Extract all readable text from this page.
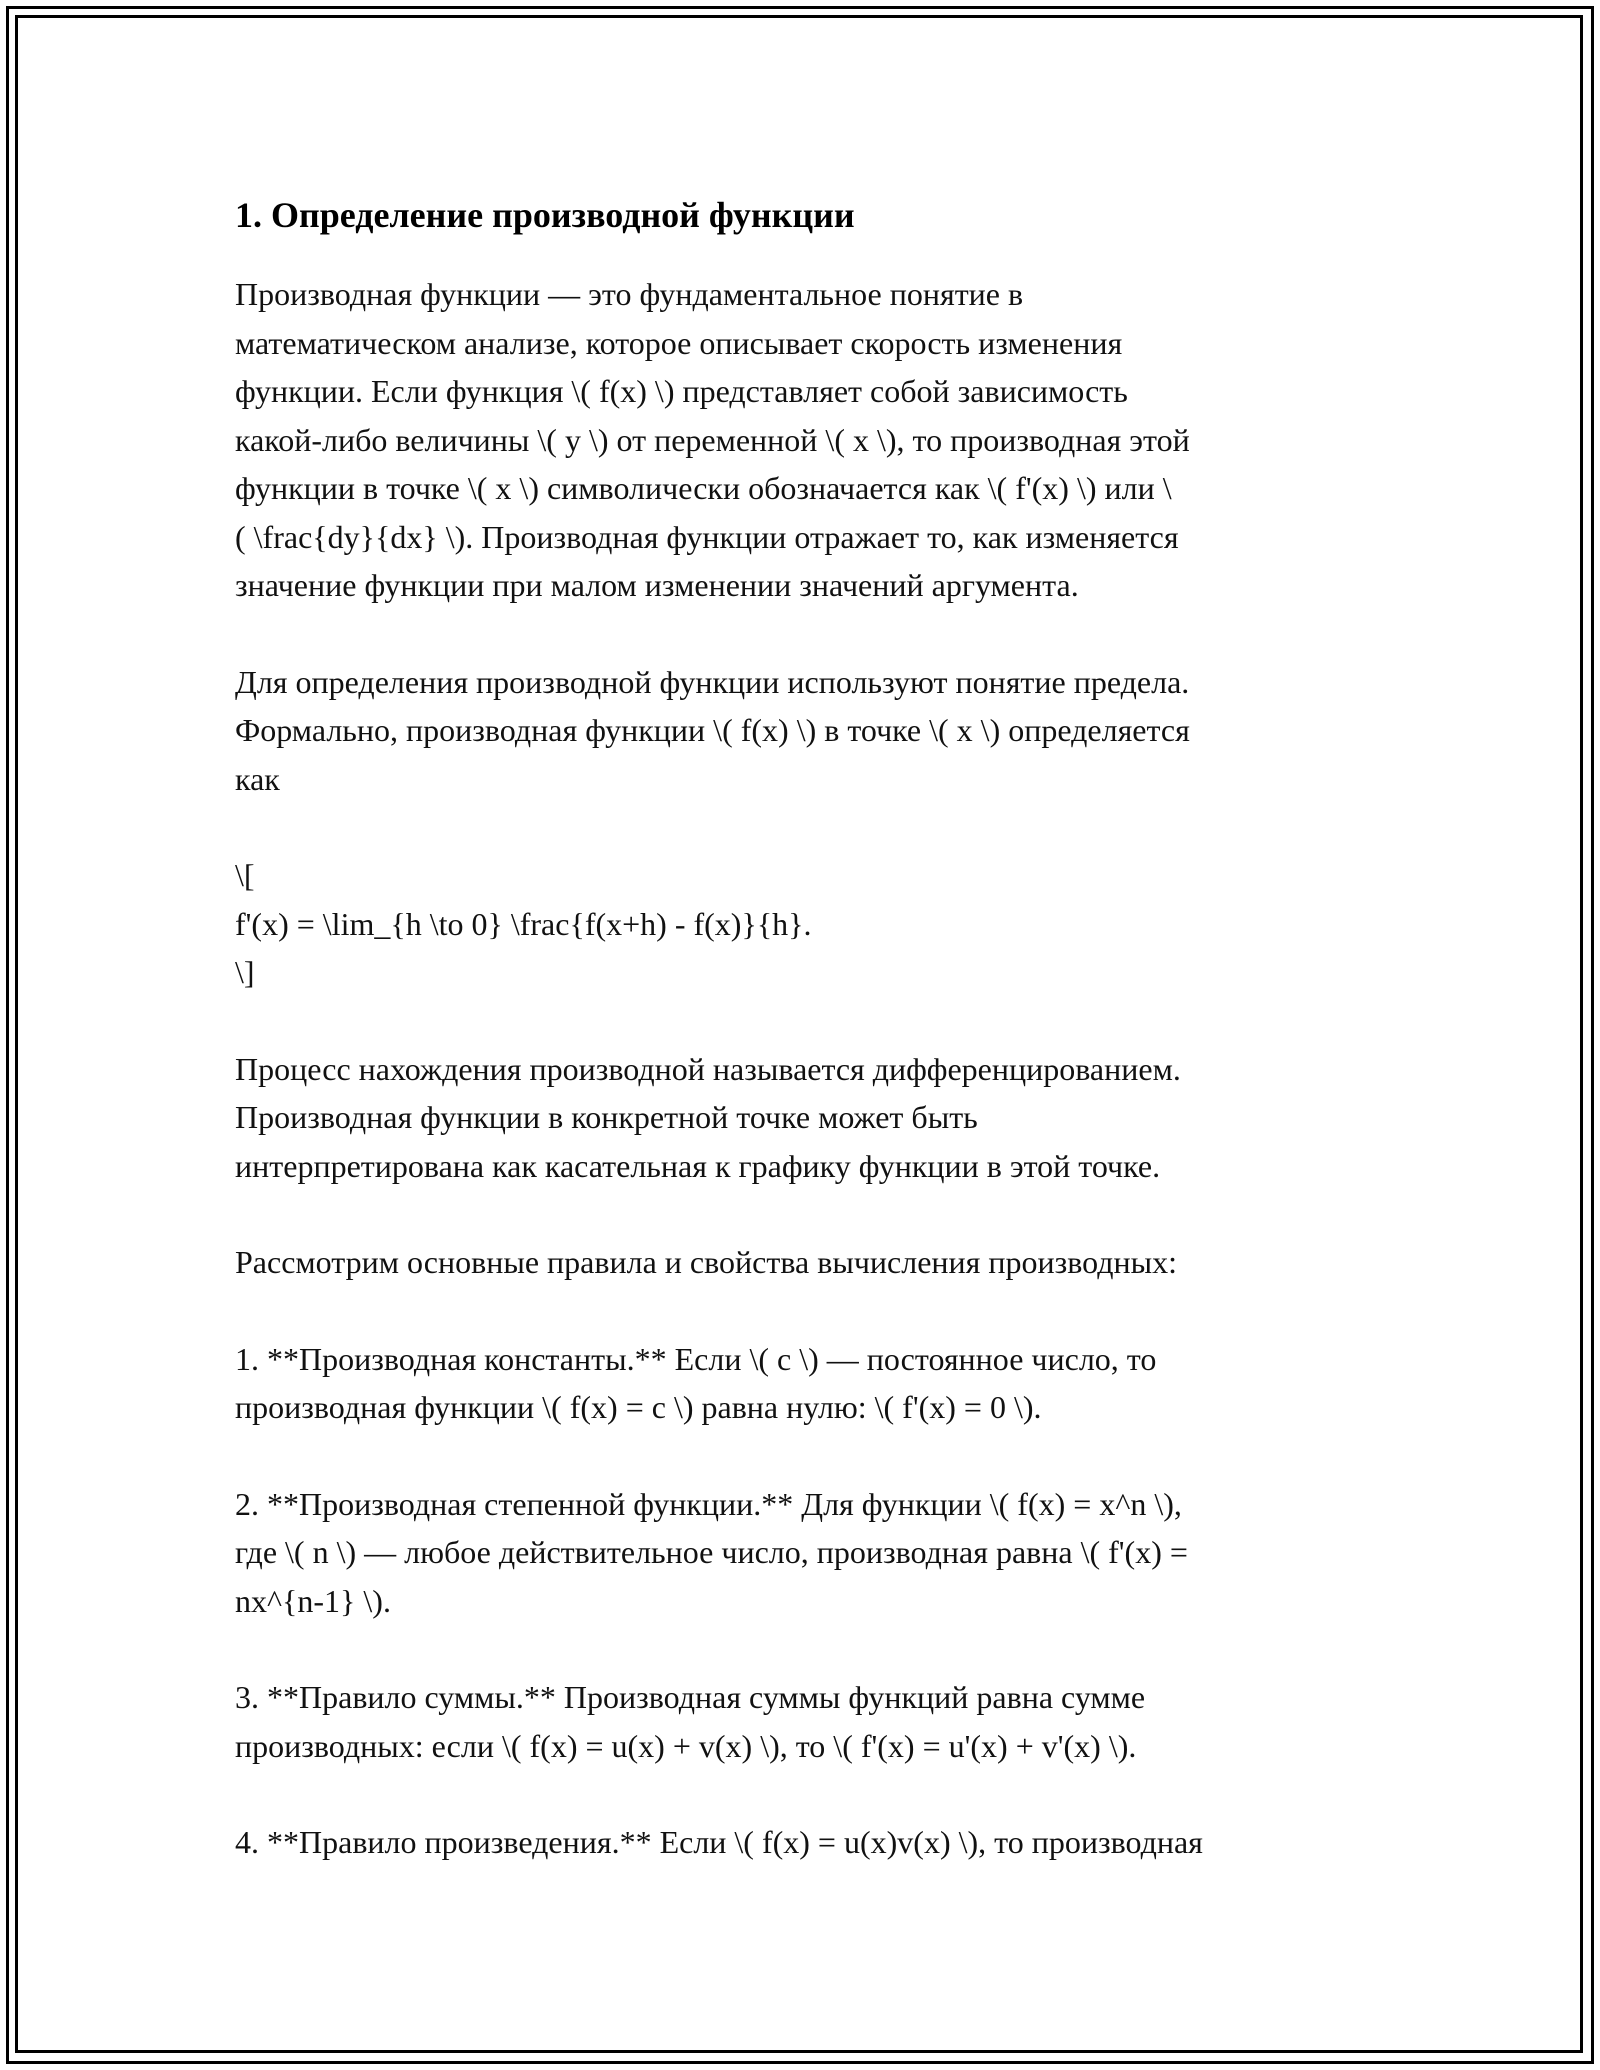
1. Определение производной функции

Производная функции — это фундаментальное понятие в
математическом анализе, которое описывает скорость изменения
функции. Если функция \( f(x) \) представляет собой зависимость
какой-либо величины \( y \) от переменной \( x \), то производная этой
функции в точке \( x \) символически обозначается как \( f'(x) \) или \
( \frac{dy}{dx} \). Производная функции отражает то, как изменяется
значение функции при малом изменении значений аргумента.

Для определения производной функции используют понятие предела.
Формально, производная функции \( f(x) \) в точке \( x \) определяется
как

\[
f'(x) = \lim_{h \to 0} \frac{f(x+h) - f(x)}{h}.
\]

Процесс нахождения производной называется дифференцированием.
Производная функции в конкретной точке может быть
интерпретирована как касательная к графику функции в этой точке.

Рассмотрим основные правила и свойства вычисления производных:

1. **Производная константы.** Если \( c \) — постоянное число, то
производная функции \( f(x) = c \) равна нулю: \( f'(x) = 0 \).

2. **Производная степенной функции.** Для функции \( f(x) = x^n \),
где \( n \) — любое действительное число, производная равна \( f'(x) =
nx^{n-1} \).

3. **Правило суммы.** Производная суммы функций равна сумме
производных: если \( f(x) = u(x) + v(x) \), то \( f'(x) = u'(x) + v'(x) \).

4. **Правило произведения.** Если \( f(x) = u(x)v(x) \), то производная
